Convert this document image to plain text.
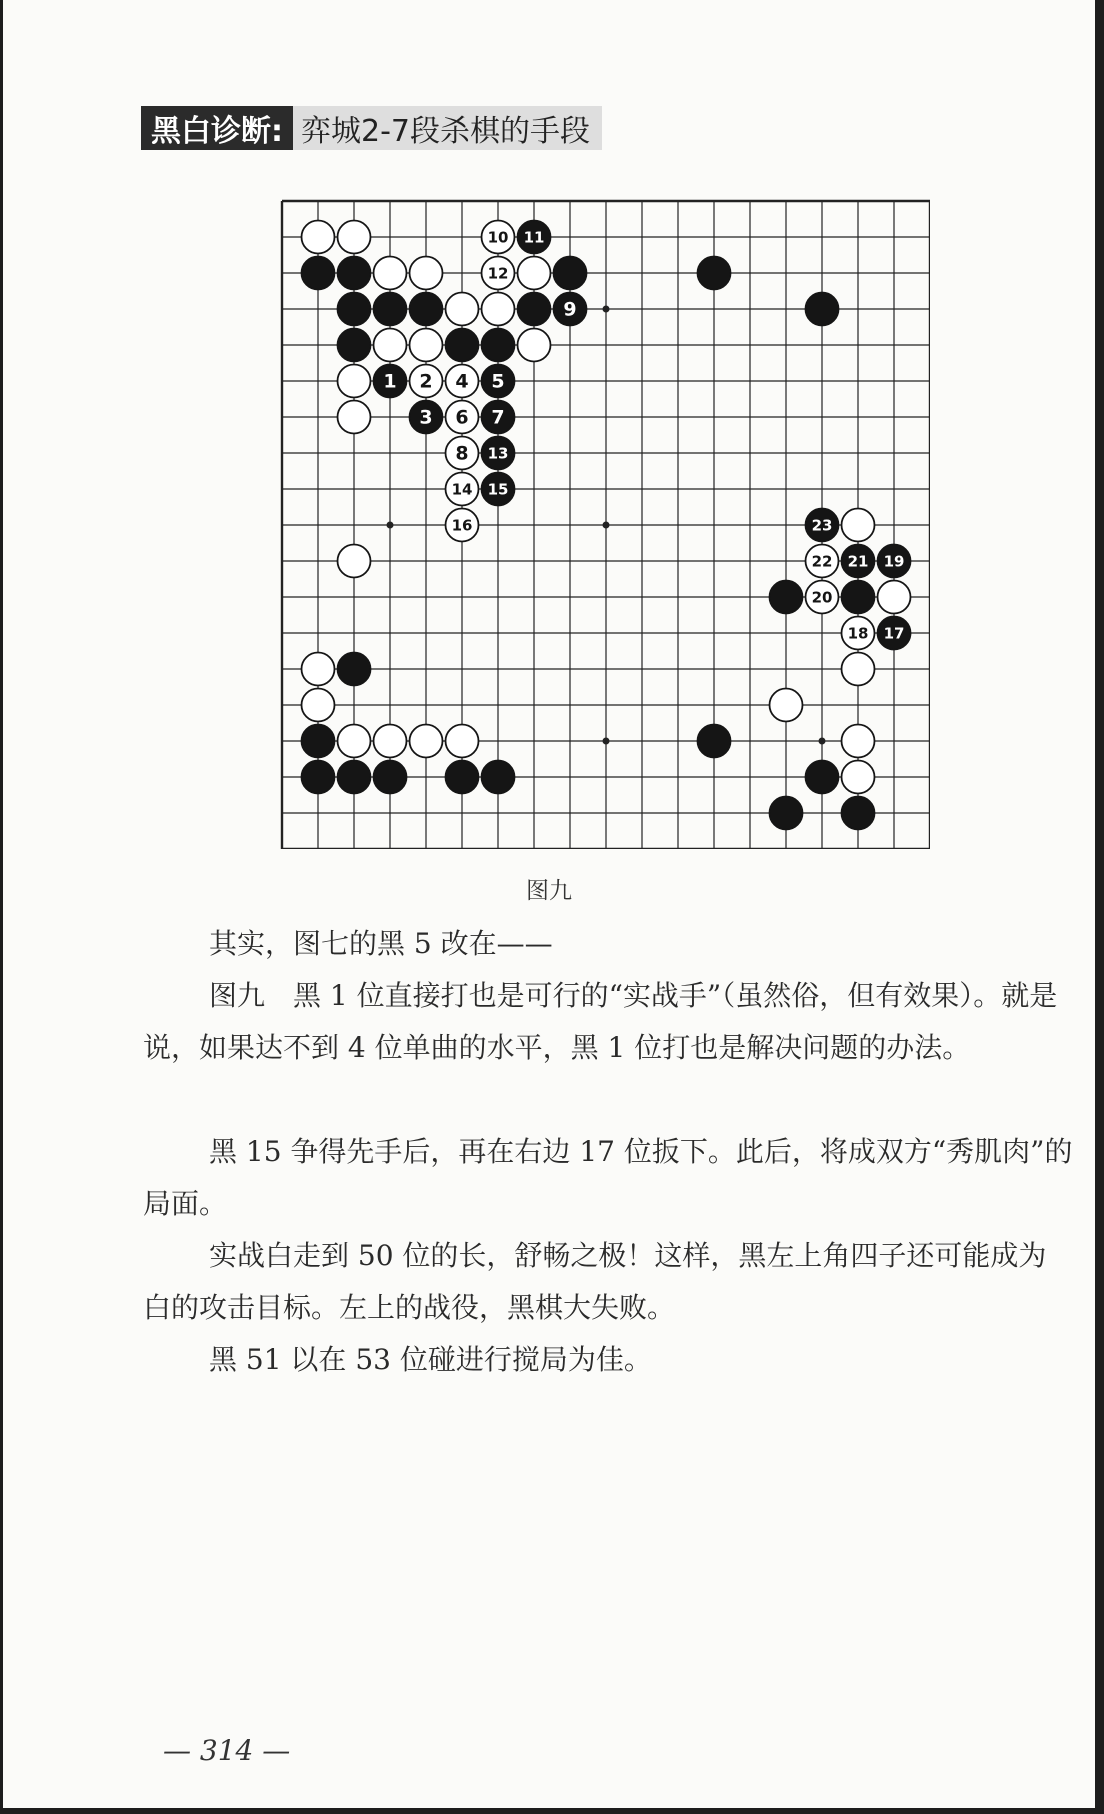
黑白诊断: 弈城2-7段杀棋的手段
10 11
12
9
1 2 4 5
3 6 7
8 13
14 15
16	23
22 21 19
20
18 17
图九

其实，图七的黑 5 改在——

图九　黑 1 位直接打也是可行的“实战手”（虽然俗，但有效果）。就是说，如果达不到 4 位单曲的水平，黑 1 位打也是解决问题的办法。

黑 15 争得先手后，再在右边 17 位扳下。此后，将成双方“秀肌肉”的局面。

实战白走到 50 位的长，舒畅之极！这样，黑左上角四子还可能成为白的攻击目标。左上的战役，黑棋大失败。

黑 51 以在 53 位碰进行搅局为佳。

— 314 —
